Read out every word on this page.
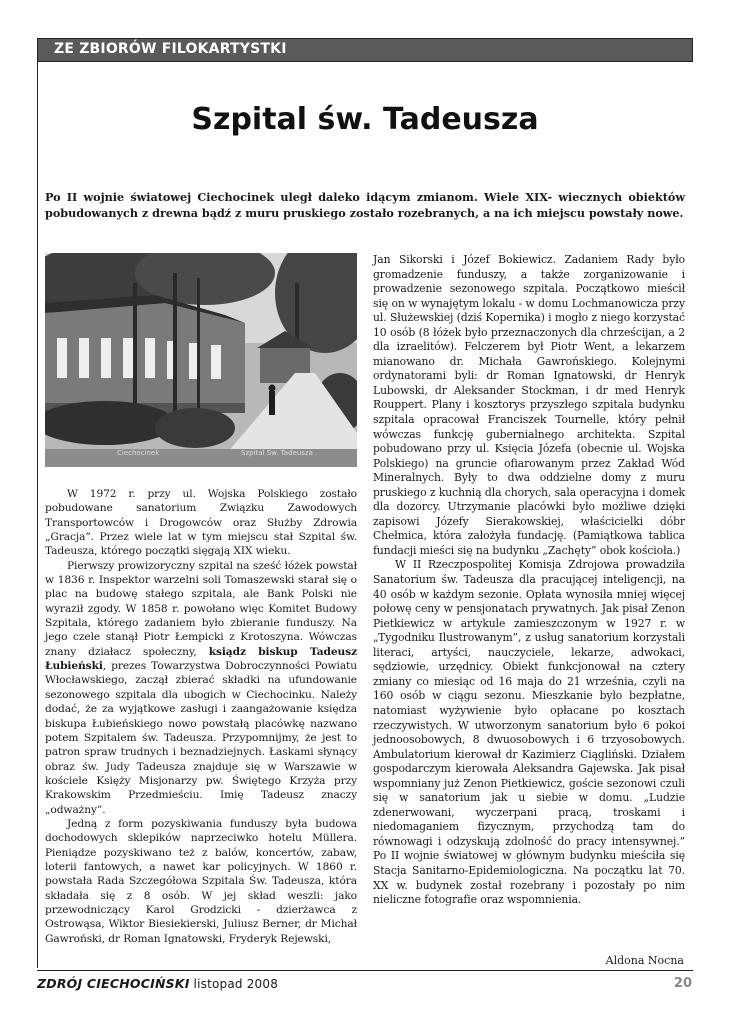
ZE ZBIORÓW FILOKARTYSTKI
Szpital św. Tadeusza
Po II wojnie światowej Ciechocinek uległ daleko idącym zmianom. Wiele XIX- wiecznych obiektów pobudowanych z drewna bądź z muru pruskiego zostało rozebranych, a na ich miejscu powstały nowe.
Ciechocinek	Szpital Św. Tadeusza

W 1972 r. przy ul. Wojska Polskiego zostało pobudowane sanatorium Związku Zawodowych Transportowców i Drogowców oraz Służby Zdrowia „Gracja”. Przez wiele lat w tym miejscu stał Szpital św. Tadeusza, którego początki sięgają XIX wieku.

Pierwszy prowizoryczny szpital na sześć łóżek powstał w 1836 r. Inspektor warzelni soli Tomaszewski starał się o plac na budowę stałego szpitala, ale Bank Polski nie wyraził zgody. W 1858 r. powołano więc Komitet Budowy Szpitala, którego zadaniem było zbieranie funduszy. Na jego czele stanął Piotr Łempicki z Krotoszyna. Wówczas znany działacz społeczny, ksiądz biskup Tadeusz Łubieński, prezes Towarzystwa Dobroczynności Powiatu Włocławskiego, zaczął zbierać składki na ufundowanie sezonowego szpitala dla ubogich w Ciechocinku. Należy dodać, że za wyjątkowe zasługi i zaangażowanie księdza biskupa Łubieńskiego nowo powstałą placówkę nazwano potem Szpitalem św. Tadeusza. Przypomnijmy, że jest to patron spraw trudnych i beznadziejnych. Łaskami słynący obraz św. Judy Tadeusza znajduje się w Warszawie w kościele Księży Misjonarzy pw. Świętego Krzyża przy Krakowskim Przedmieściu. Imię Tadeusz znaczy „odważny”.

Jedną z form pozyskiwania funduszy była budowa dochodowych sklepików naprzeciwko hotelu Müllera. Pieniądze pozyskiwano też z balów, koncertów, zabaw, loterii fantowych, a nawet kar policyjnych. W 1860 r. powstała Rada Szczegółowa Szpitala Św. Tadeusza, która składała się z 8 osób. W jej skład weszli: jako przewodniczący Karol Grodzicki - dzierżawca z Ostrowąsa, Wiktor Biesiekierski, Juliusz Berner, dr Michał Gawroński, dr Roman Ignatowski, Fryderyk Rejewski,

Jan Sikorski i Józef Bokiewicz. Zadaniem Rady było gromadzenie funduszy, a także zorganizowanie i prowadzenie sezonowego szpitala. Początkowo mieścił się on w wynajętym lokalu - w domu Lochmanowicza przy ul. Służewskiej (dziś Kopernika) i mogło z niego korzystać 10 osób (8 łóżek było przeznaczonych dla chrześcijan, a 2 dla izraelitów). Felczerem był Piotr Went, a lekarzem mianowano dr. Michała Gawrońskiego. Kolejnymi ordynatorami byli: dr Roman Ignatowski, dr Henryk Lubowski, dr Aleksander Stockman, i dr med Henryk Rouppert. Plany i kosztorys przyszłego szpitala budynku szpitala opracował Franciszek Tournelle, który pełnił wówczas funkcję gubernialnego architekta. Szpital pobudowano przy ul. Księcia Józefa (obecnie ul. Wojska Polskiego) na gruncie ofiarowanym przez Zakład Wód Mineralnych. Były to dwa oddzielne domy z muru pruskiego z kuchnią dla chorych, sala operacyjna i domek dla dozorcy. Utrzymanie placówki było możliwe dzięki zapisowi Józefy Sierakowskiej, właścicielki dóbr Chełmica, która założyła fundację. (Pamiątkowa tablica fundacji mieści się na budynku „Zachęty” obok kościoła.)

W II Rzeczpospolitej Komisja Zdrojowa prowadziła Sanatorium św. Tadeusza dla pracującej inteligencji, na 40 osób w każdym sezonie. Opłata wynosiła mniej więcej połowę ceny w pensjonatach prywatnych. Jak pisał Zenon Pietkiewicz w artykule zamieszczonym w 1927 r. w „Tygodniku Ilustrowanym”, z usług sanatorium korzystali literaci, artyści, nauczyciele, lekarze, adwokaci, sędziowie, urzędnicy. Obiekt funkcjonował na cztery zmiany co miesiąc od 16 maja do 21 września, czyli na 160 osób w ciągu sezonu. Mieszkanie było bezpłatne, natomiast wyżywienie było opłacane po kosztach rzeczywistych. W utworzonym sanatorium było 6 pokoi jednoosobowych, 8 dwuosobowych i 6 trzyosobowych. Ambulatorium kierował dr Kazimierz Ciągliński. Działem gospodarczym kierowała Aleksandra Gajewska. Jak pisał wspomniany już Zenon Pietkiewicz, goście sezonowi czuli się w sanatorium jak u siebie w domu. „Ludzie zdenerwowani, wyczerpani pracą, troskami i niedomaganiem fizycznym, przychodzą tam do równowagi i odzyskują zdolność do pracy intensywnej.” Po II wojnie światowej w głównym budynku mieściła się Stacja Sanitarno-Epidemiologiczna. Na początku lat 70. XX w. budynek został rozebrany i pozostały po nim nieliczne fotografie oraz wspomnienia.

Aldona Nocna
ZDRÓJ CIECHOCIŃSKI listopad 2008	20
